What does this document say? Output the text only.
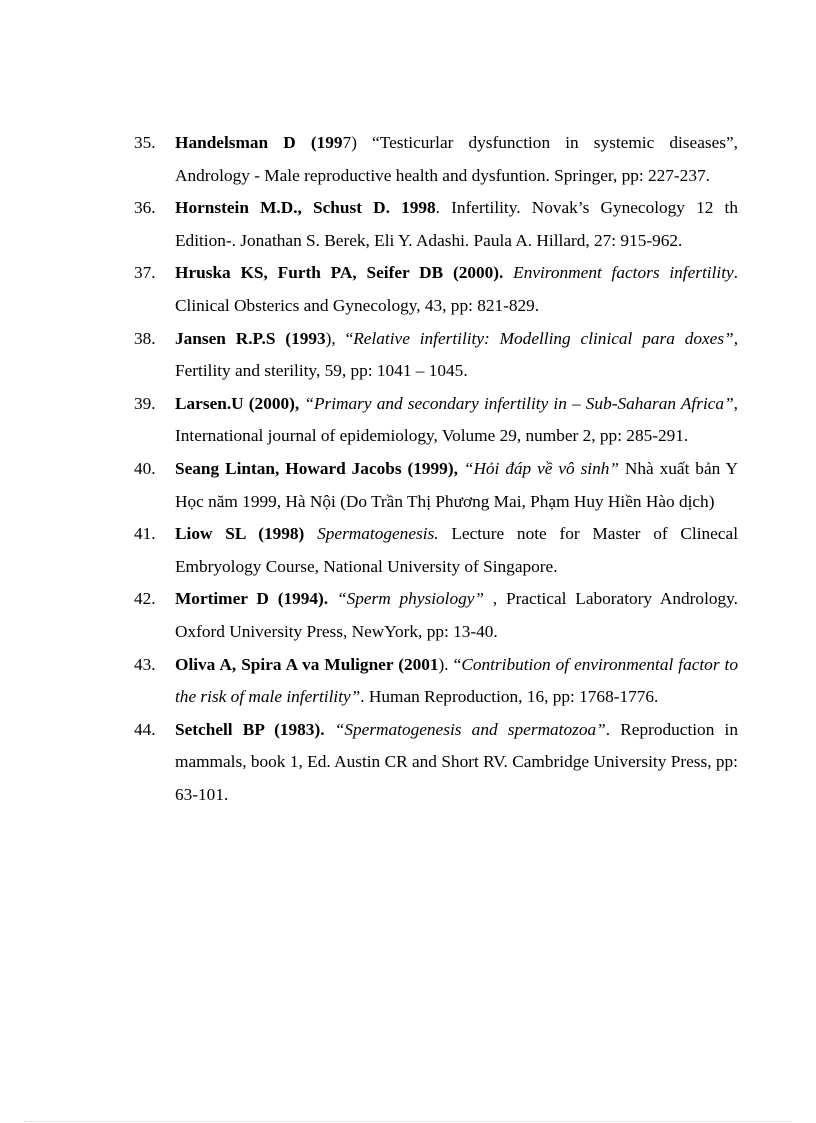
35.	Handelsman D (1997) “Testicurlar dysfunction in systemic diseases”, Andrology - Male reproductive health and dysfuntion. Springer, pp: 227-237.
36.	Hornstein M.D., Schust D. 1998. Infertility. Novak’s Gynecology 12 th Edition-. Jonathan S. Berek, Eli Y. Adashi. Paula A. Hillard, 27: 915-962.
37.	Hruska KS, Furth PA, Seifer DB (2000). Environment factors infertility. Clinical Obsterics and Gynecology, 43, pp: 821-829.
38.	Jansen R.P.S (1993), “Relative infertility: Modelling clinical para doxes”, Fertility and sterility, 59, pp: 1041 – 1045.
39.	Larsen.U (2000), “Primary and secondary infertility in – Sub-Saharan Africa”, International journal of epidemiology, Volume 29, number 2, pp: 285-291.
40.	Seang Lintan, Howard Jacobs (1999), “Hỏi đáp về vô sinh” Nhà xuất bản Y Học năm 1999, Hà Nội (Do Trần Thị Phương Mai, Phạm Huy Hiền Hào dịch)
41.	Liow SL (1998) Spermatogenesis. Lecture note for Master of Clinecal Embryology Course, National University of Singapore.
42.	Mortimer D (1994). “Sperm physiology” , Practical Laboratory Andrology. Oxford University Press, NewYork, pp: 13-40.
43.	Oliva A, Spira A va Muligner (2001). “Contribution of environmental factor to the risk of male infertility”. Human Reproduction, 16, pp: 1768-1776.
44.	Setchell BP (1983). “Spermatogenesis and spermatozoa”. Reproduction in mammals, book 1, Ed. Austin CR and Short RV. Cambridge University Press, pp: 63-101.
